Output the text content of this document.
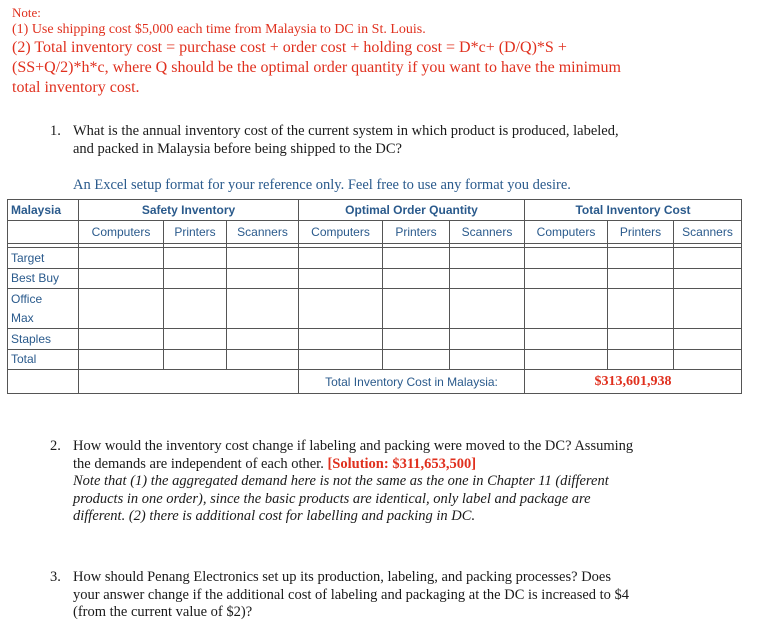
Note:
(1) Use shipping cost $5,000 each time from Malaysia to DC in St. Louis.
(2) Total inventory cost = purchase cost + order cost + holding cost = D*c+ (D/Q)*S +
(SS+Q/2)*h*c, where Q should be the optimal order quantity if you want to have the minimum
total inventory cost.
1. What is the annual inventory cost of the current system in which product is produced, labeled,
and packed in Malaysia before being shipped to the DC?
An Excel setup format for your reference only. Feel free to use any format you desire.
Malaysia	Safety Inventory			Optimal Order Quantity			Total Inventory Cost		
	Computers	Printers	Scanners	Computers	Printers	Scanners	Computers	Printers	Scanners

Target									
Best Buy									
Office									
Max									
Staples									
Total									
				Total Inventory Cost in Malaysia:			$313,601,938		
2. How would the inventory cost change if labeling and packing were moved to the DC? Assuming
the demands are independent of each other. [Solution: $311,653,500]
Note that (1) the aggregated demand here is not the same as the one in Chapter 11 (different
products in one order), since the basic products are identical, only label and package are
different. (2) there is additional cost for labelling and packing in DC.
3. How should Penang Electronics set up its production, labeling, and packing processes? Does
your answer change if the additional cost of labeling and packaging at the DC is increased to $4
(from the current value of $2)?
